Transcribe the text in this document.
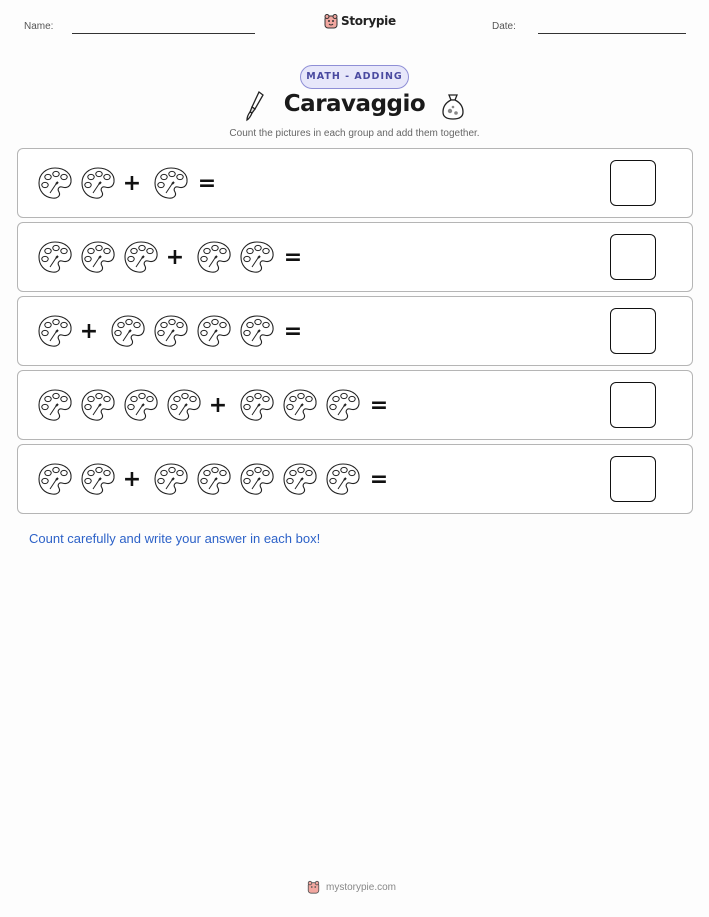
Name:	Storypie	Date:
MATH - ADDING
Caravaggio
Count the pictures in each group and add them together.
+	=
+	=
+	=
+	=
+	=
Count carefully and write your answer in each box!
mystorypie.com
